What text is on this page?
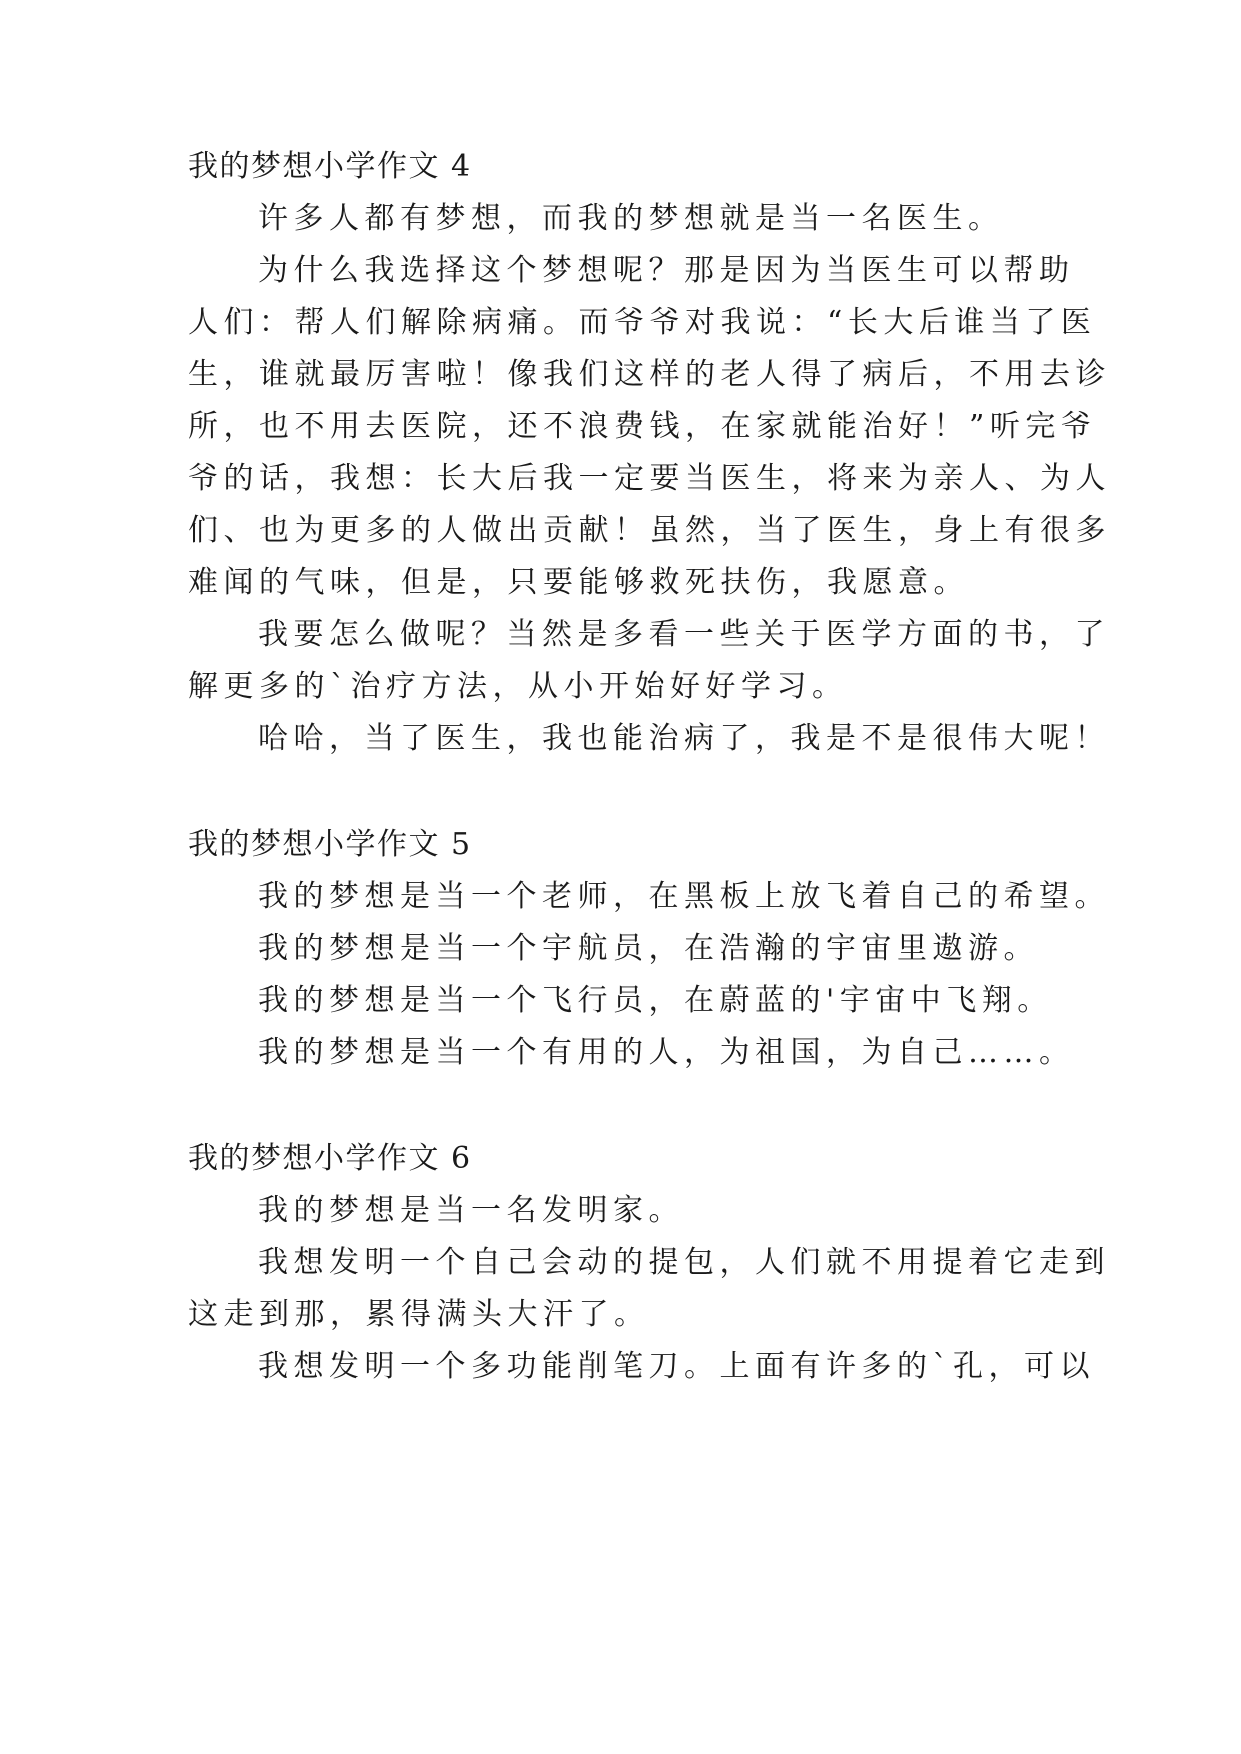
我的梦想小学作文 4
许多人都有梦想，而我的梦想就是当一名医生。
为什么我选择这个梦想呢？那是因为当医生可以帮助
人们：帮人们解除病痛。而爷爷对我说：“长大后谁当了医
生，谁就最厉害啦！像我们这样的老人得了病后，不用去诊
所，也不用去医院，还不浪费钱，在家就能治好！”听完爷
爷的话，我想：长大后我一定要当医生，将来为亲人、为人
们、也为更多的人做出贡献！虽然，当了医生，身上有很多
难闻的气味，但是，只要能够救死扶伤，我愿意。
我要怎么做呢？当然是多看一些关于医学方面的书，了
解更多的`治疗方法，从小开始好好学习。
哈哈，当了医生，我也能治病了，我是不是很伟大呢！
我的梦想小学作文 5
我的梦想是当一个老师，在黑板上放飞着自己的希望。
我的梦想是当一个宇航员，在浩瀚的宇宙里遨游。
我的梦想是当一个飞行员，在蔚蓝的'宇宙中飞翔。
我的梦想是当一个有用的人，为祖国，为自己……。
我的梦想小学作文 6
我的梦想是当一名发明家。
我想发明一个自己会动的提包，人们就不用提着它走到
这走到那，累得满头大汗了。
我想发明一个多功能削笔刀。上面有许多的`孔，可以
